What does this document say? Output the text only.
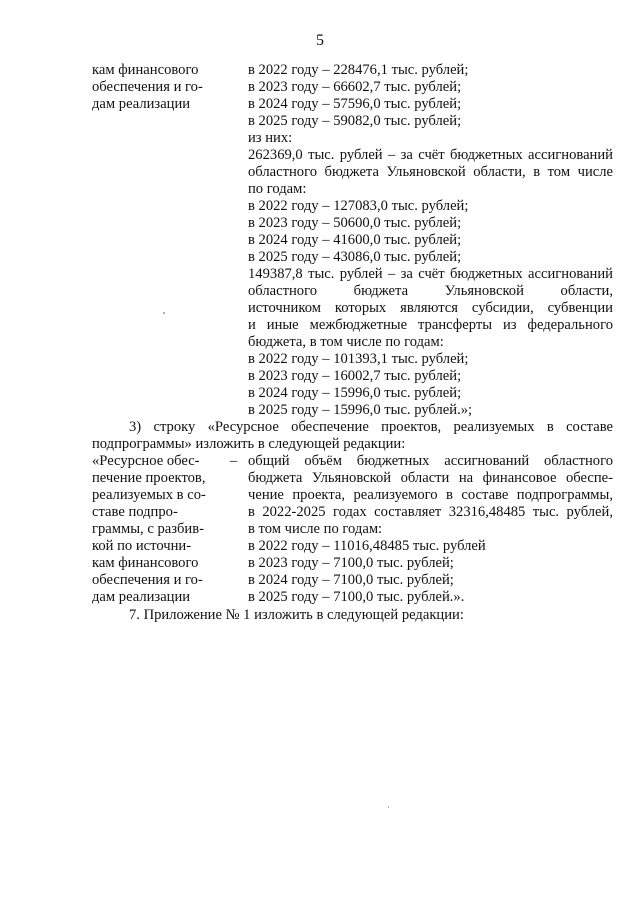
5
кам финансового
обеспечения и го-
дам реализации
в 2022 году – 228476,1 тыс. рублей;
в 2023 году – 66602,7 тыс. рублей;
в 2024 году – 57596,0 тыс. рублей;
в 2025 году – 59082,0 тыс. рублей;
из них:
262369,0 тыс. рублей – за счёт бюджетных ассигнований
областного бюджета Ульяновской области, в том числе
по годам:
в 2022 году – 127083,0 тыс. рублей;
в 2023 году – 50600,0 тыс. рублей;
в 2024 году – 41600,0 тыс. рублей;
в 2025 году – 43086,0 тыс. рублей;
149387,8 тыс. рублей – за счёт бюджетных ассигнований
областного бюджета Ульяновской области,
источником которых являются субсидии, субвенции
и иные межбюджетные трансферты из федерального
бюджета, в том числе по годам:
в 2022 году – 101393,1 тыс. рублей;
в 2023 году – 16002,7 тыс. рублей;
в 2024 году – 15996,0 тыс. рублей;
в 2025 году – 15996,0 тыс. рублей.»;
3) строку «Ресурсное обеспечение проектов, реализуемых в составе
подпрограммы» изложить в следующей редакции:
«Ресурсное обес-
печение проектов,
реализуемых в со-
ставе подпро-
граммы, с разбив-
кой по источни-
кам финансового
обеспечения и го-
дам реализации
– общий объём бюджетных ассигнований областного
бюджета Ульяновской области на финансовое обеспе-
чение проекта, реализуемого в составе подпрограммы,
в 2022-2025 годах составляет 32316,48485 тыс. рублей,
в том числе по годам:
в 2022 году – 11016,48485 тыс. рублей
в 2023 году – 7100,0 тыс. рублей;
в 2024 году – 7100,0 тыс. рублей;
в 2025 году – 7100,0 тыс. рублей.».
7. Приложение № 1 изложить в следующей редакции:
